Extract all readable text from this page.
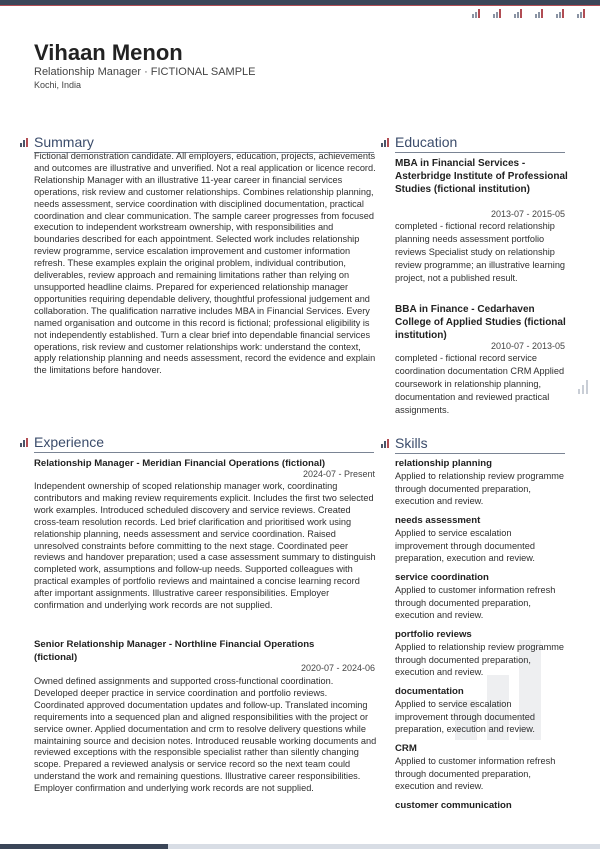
Vihaan Menon
Relationship Manager · FICTIONAL SAMPLE
Kochi, India
Summary
Fictional demonstration candidate. All employers, education, projects, achievements and outcomes are illustrative and unverified. Not a real application or licence record. Relationship Manager with an illustrative 11-year career in financial services operations, risk review and customer relationships. Combines relationship planning, needs assessment, service coordination with disciplined documentation, practical coordination and clear communication. The sample career progresses from focused execution to independent workstream ownership, with responsibilities and boundaries described for each appointment. Selected work includes relationship review programme, service escalation improvement and customer information refresh. These examples explain the original problem, individual contribution, deliverables, review approach and remaining limitations rather than relying on unsupported headline claims. Prepared for experienced relationship manager opportunities requiring dependable delivery, thoughtful professional judgement and collaboration. The qualification narrative includes MBA in Financial Services. Every named organisation and outcome in this record is fictional; professional eligibility is not independently established. Turn a clear brief into dependable financial services operations, risk review and customer relationships work: understand the context, apply relationship planning and needs assessment, record the evidence and explain the limitations before handover.
Experience
Relationship Manager - Meridian Financial Operations (fictional)
2024-07 - Present
Independent ownership of scoped relationship manager work, coordinating contributors and making review requirements explicit. Includes the first two selected work examples. Introduced scheduled discovery and service reviews. Created cross-team resolution records. Led brief clarification and prioritised work using relationship planning, needs assessment and service coordination. Raised unresolved constraints before committing to the next stage. Coordinated peer reviews and handover preparation; used a case assessment summary to distinguish completed work, assumptions and follow-up needs. Supported colleagues with practical examples of portfolio reviews and maintained a concise learning record after important assignments. Illustrative career responsibilities. Employer confirmation and underlying work records are not supplied.
Senior Relationship Manager - Northline Financial Operations (fictional)
2020-07 - 2024-06
Owned defined assignments and supported cross-functional coordination. Developed deeper practice in service coordination and portfolio reviews. Coordinated approved documentation updates and follow-up. Translated incoming requirements into a sequenced plan and aligned responsibilities with the project or service owner. Applied documentation and crm to resolve delivery questions while maintaining source and decision notes. Introduced reusable working documents and reviewed exceptions with the responsible specialist rather than silently changing scope. Prepared a reviewed analysis or service record so the next team could understand the work and remaining questions. Illustrative career responsibilities. Employer confirmation and underlying work records are not supplied.
Education
MBA in Financial Services - Asterbridge Institute of Professional Studies (fictional institution)
2013-07 - 2015-05
completed - fictional record relationship planning needs assessment portfolio reviews Specialist study on relationship review programme; an illustrative learning project, not a published result.
BBA in Finance - Cedarhaven College of Applied Studies (fictional institution)
2010-07 - 2013-05
completed - fictional record service coordination documentation CRM Applied coursework in relationship planning, documentation and reviewed practical assignments.
Skills
relationship planning
Applied to relationship review programme through documented preparation, execution and review.
needs assessment
Applied to service escalation improvement through documented preparation, execution and review.
service coordination
Applied to customer information refresh through documented preparation, execution and review.
portfolio reviews
Applied to relationship review programme through documented preparation, execution and review.
documentation
Applied to service escalation improvement through documented preparation, execution and review.
CRM
Applied to customer information refresh through documented preparation, execution and review.
customer communication
